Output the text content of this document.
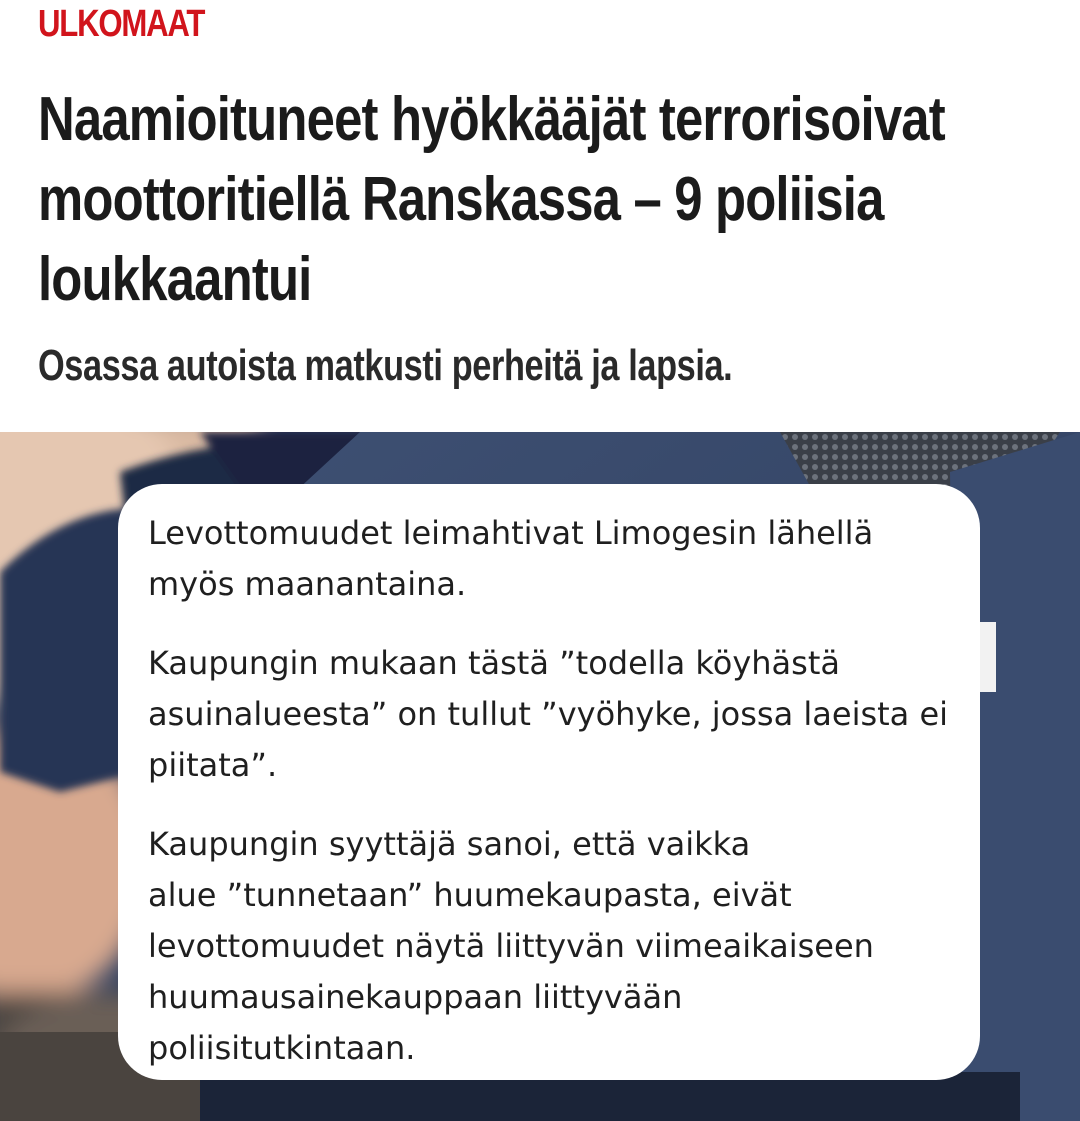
ULKOMAAT
Naamioituneet hyökkääjät terrorisoivat
moottoritiellä Ranskassa – 9 poliisia
loukkaantui

Osassa autoista matkusti perheitä ja lapsia.

Levottomuudet leimahtivat Limogesin lähellä
myös maanantaina.

Kaupungin mukaan tästä ”todella köyhästä
asuinalueesta” on tullut ”vyöhyke, jossa laeista ei
piitata”.

Kaupungin syyttäjä sanoi, että vaikka
alue ”tunnetaan” huumekaupasta, eivät
levottomuudet näytä liittyvän viimeaikaiseen
huumausainekauppaan liittyvään
poliisitutkintaan.
